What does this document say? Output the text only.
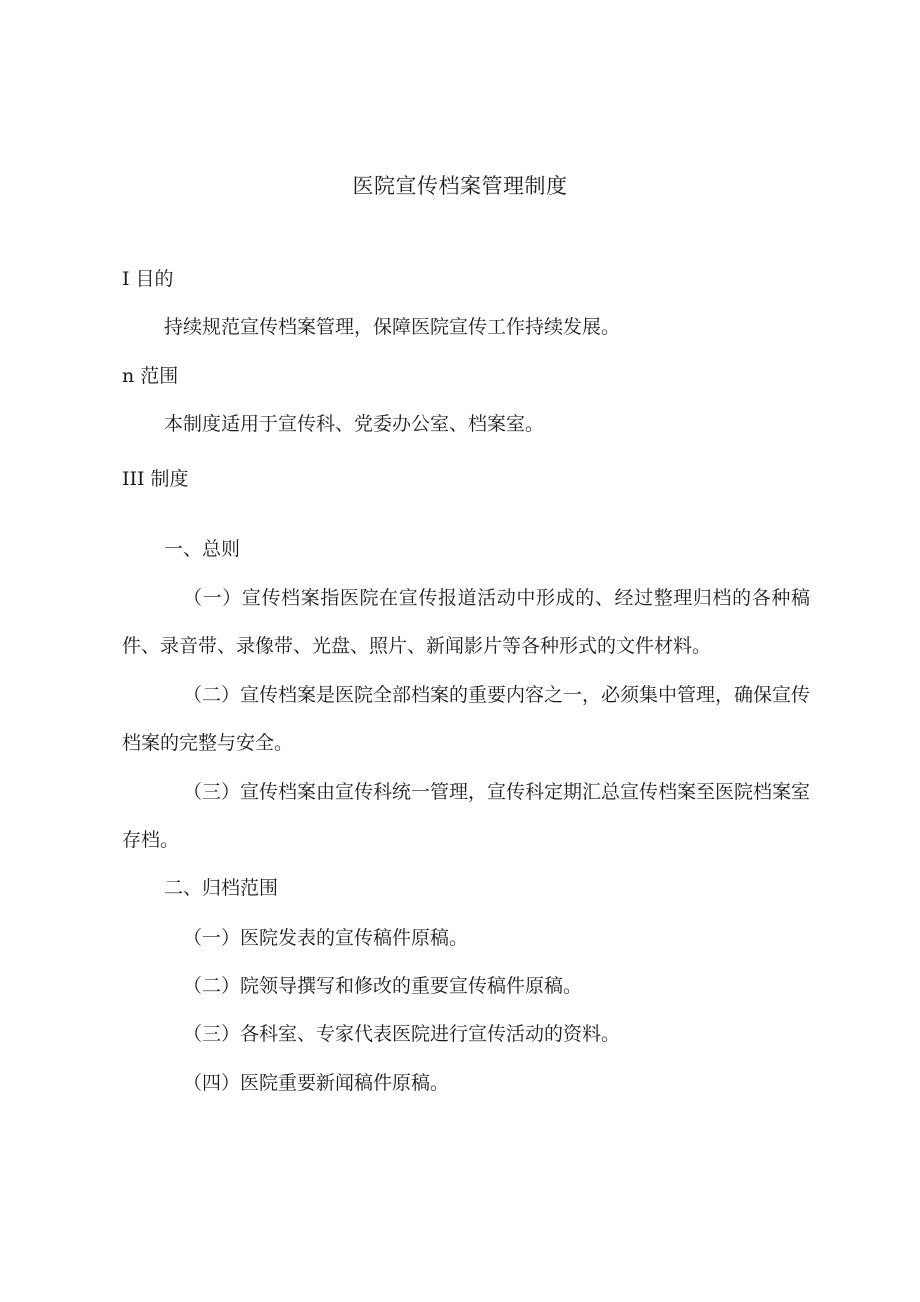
医院宣传档案管理制度
I 目的
持续规范宣传档案管理，保障医院宣传工作持续发展。
n 范围
本制度适用于宣传科、党委办公室、档案室。
III 制度
一、总则
（一）宣传档案指医院在宣传报道活动中形成的、经过整理归档的各种稿件、录音带、录像带、光盘、照片、新闻影片等各种形式的文件材料。
（二）宣传档案是医院全部档案的重要内容之一，必须集中管理，确保宣传档案的完整与安全。
（三）宣传档案由宣传科统一管理，宣传科定期汇总宣传档案至医院档案室存档。
二、归档范围
（一）医院发表的宣传稿件原稿。
（二）院领导撰写和修改的重要宣传稿件原稿。
（三）各科室、专家代表医院进行宣传活动的资料。
（四）医院重要新闻稿件原稿。
